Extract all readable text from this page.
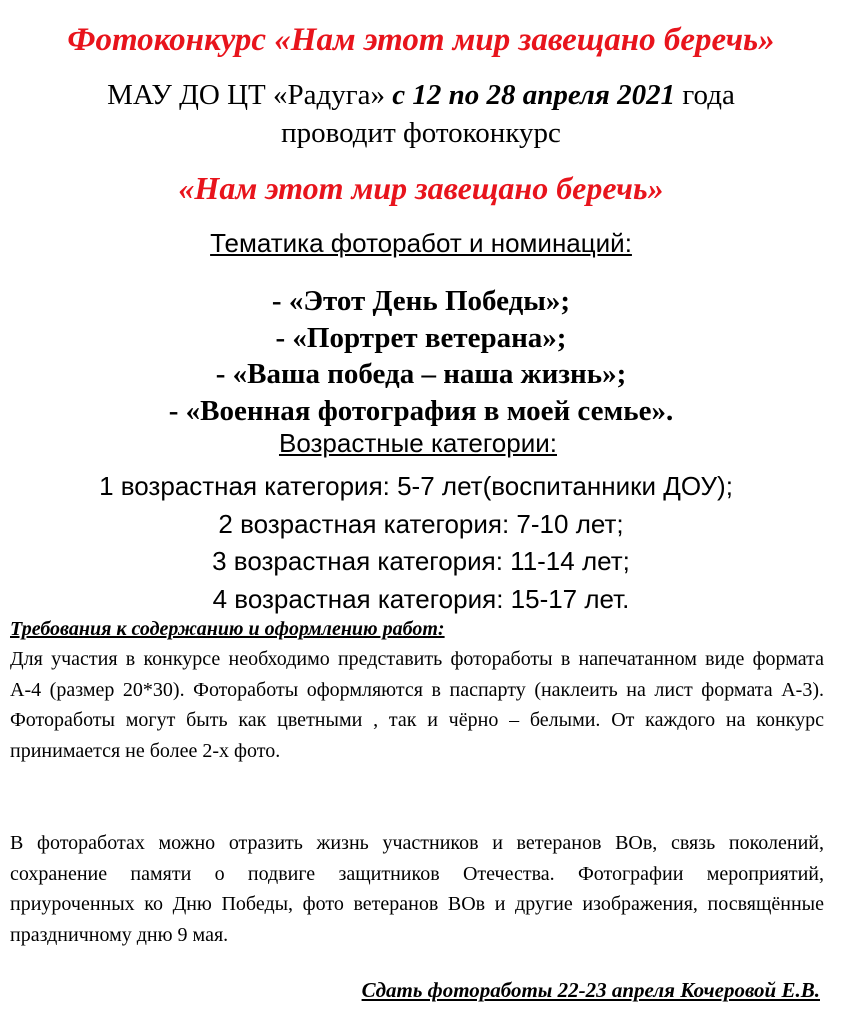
Фотоконкурс «Нам этот мир завещано беречь»
МАУ ДО ЦТ «Радуга» с 12 по 28 апреля 2021 года
проводит фотоконкурс
«Нам этот мир завещано беречь»
Тематика фоторабот и номинаций:
- «Этот День Победы»;
- «Портрет ветерана»;
- «Ваша победа – наша жизнь»;
- «Военная фотография в моей семье».
Возрастные категории:
1 возрастная категория: 5-7 лет(воспитанники ДОУ);
2 возрастная категория: 7-10 лет;
3 возрастная категория: 11-14 лет;
4 возрастная категория: 15-17 лет.
Требования к содержанию и оформлению работ:

Для участия в конкурсе необходимо представить фотоработы в напечатанном виде формата А-4 (размер 20*30). Фотоработы оформляются в паспарту (наклеить на лист формата А-3). Фотоработы могут быть как цветными , так и чёрно – белыми. От каждого на конкурс принимается не более 2-х фото.

В фотоработах можно отразить жизнь участников и ветеранов ВОв, связь поколений, сохранение памяти о подвиге защитников Отечества. Фотографии мероприятий, приуроченных ко Дню Победы, фото ветеранов ВОв и другие изображения, посвящённые праздничному дню 9 мая.

Сдать фотоработы 22-23 апреля Кочеровой Е.В.
